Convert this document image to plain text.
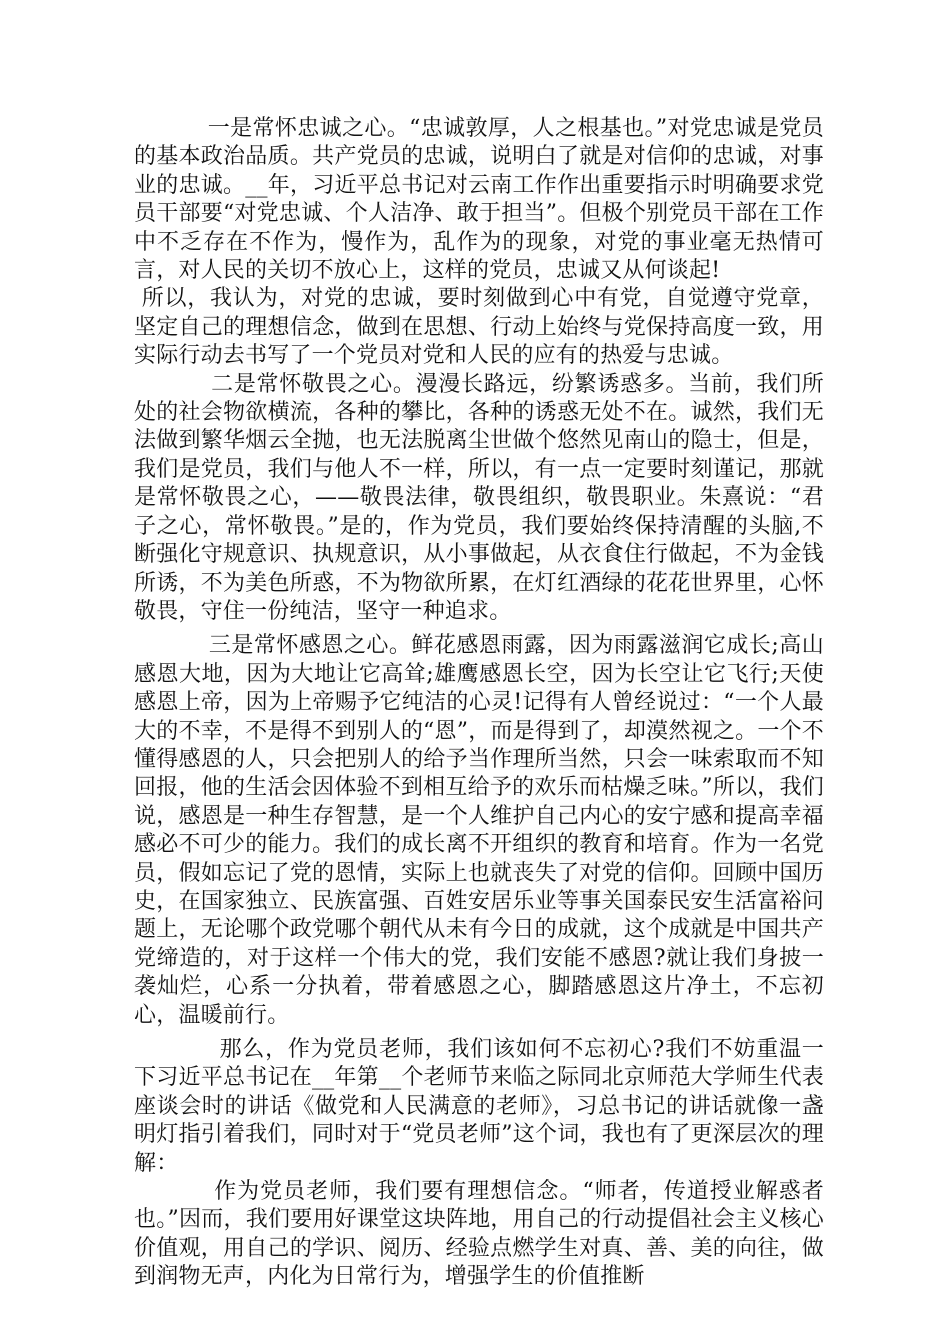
一是常怀忠诚之心。“忠诚敦厚，人之根基也。”对党忠诚是党员的基本政治品质。共产党员的忠诚，说明白了就是对信仰的忠诚，对事业的忠诚。__年，习近平总书记对云南工作作出重要指示时明确要求党员干部要“对党忠诚、个人洁净、敢于担当”。但极个别党员干部在工作中不乏存在不作为，慢作为，乱作为的现象，对党的事业毫无热情可言，对人民的关切不放心上，这样的党员，忠诚又从何谈起!

所以，我认为，对党的忠诚，要时刻做到心中有党，自觉遵守党章，坚定自己的理想信念，做到在思想、行动上始终与党保持高度一致，用实际行动去书写了一个党员对党和人民的应有的热爱与忠诚。

二是常怀敬畏之心。漫漫长路远，纷繁诱惑多。当前，我们所处的社会物欲横流，各种的攀比，各种的诱惑无处不在。诚然，我们无法做到繁华烟云全抛，也无法脱离尘世做个悠然见南山的隐士，但是，我们是党员，我们与他人不一样，所以，有一点一定要时刻谨记，那就是常怀敬畏之心，——敬畏法律，敬畏组织，敬畏职业。朱熹说：“君子之心，常怀敬畏。”是的，作为党员，我们要始终保持清醒的头脑,不断强化守规意识、执规意识，从小事做起，从衣食住行做起，不为金钱所诱，不为美色所惑，不为物欲所累，在灯红酒绿的花花世界里，心怀敬畏，守住一份纯洁，坚守一种追求。

三是常怀感恩之心。鲜花感恩雨露，因为雨露滋润它成长;高山感恩大地，因为大地让它高耸;雄鹰感恩长空，因为长空让它飞行;天使感恩上帝，因为上帝赐予它纯洁的心灵!记得有人曾经说过：“一个人最大的不幸，不是得不到别人的“恩”，而是得到了，却漠然视之。一个不懂得感恩的人，只会把别人的给予当作理所当然，只会一味索取而不知回报，他的生活会因体验不到相互给予的欢乐而枯燥乏味。”所以，我们说，感恩是一种生存智慧，是一个人维护自己内心的安宁感和提高幸福感必不可少的能力。我们的成长离不开组织的教育和培育。作为一名党员，假如忘记了党的恩情，实际上也就丧失了对党的信仰。回顾中国历史，在国家独立、民族富强、百姓安居乐业等事关国泰民安生活富裕问题上，无论哪个政党哪个朝代从未有今日的成就，这个成就是中国共产党缔造的，对于这样一个伟大的党，我们安能不感恩?就让我们身披一袭灿烂，心系一分执着，带着感恩之心，脚踏感恩这片净土，不忘初心，温暖前行。

那么，作为党员老师，我们该如何不忘初心?我们不妨重温一下习近平总书记在__年第__个老师节来临之际同北京师范大学师生代表座谈会时的讲话《做党和人民满意的老师》，习总书记的讲话就像一盏明灯指引着我们，同时对于“党员老师”这个词，我也有了更深层次的理解：

作为党员老师，我们要有理想信念。“师者，传道授业解惑者也。”因而，我们要用好课堂这块阵地，用自己的行动提倡社会主义核心价值观，用自己的学识、阅历、经验点燃学生对真、善、美的向往，做到润物无声，内化为日常行为，增强学生的价值推断
